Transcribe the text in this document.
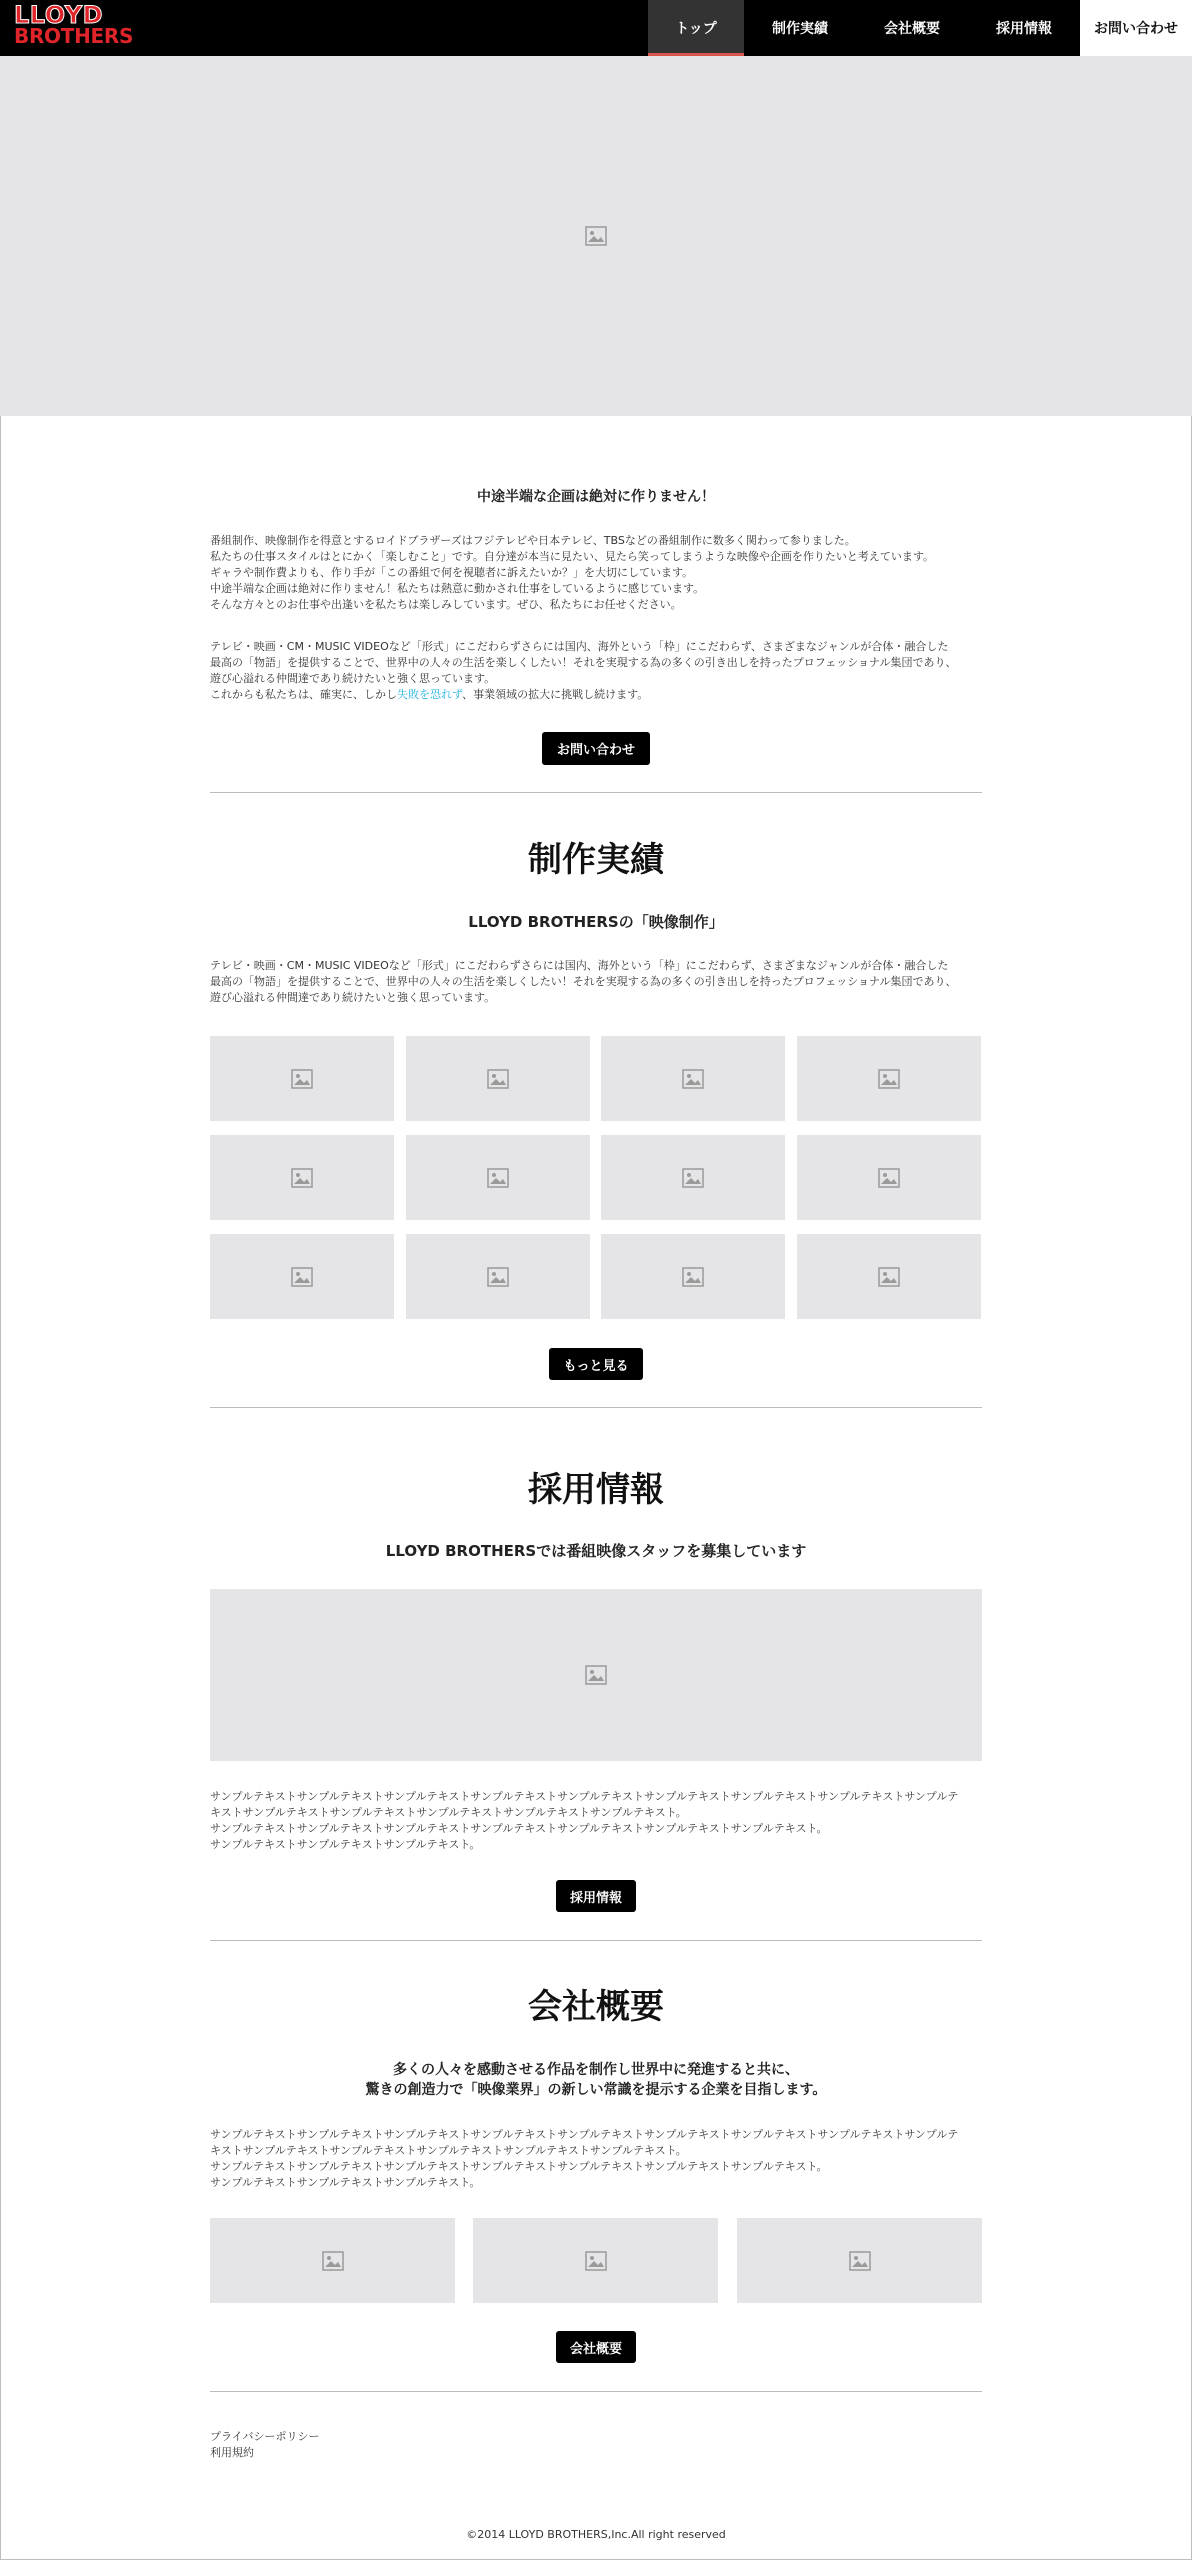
LLOYD
BROTHERS	トップ	制作実績	会社概要	採用情報	お問い合わせ
中途半端な企画は絶対に作りません！
番組制作、映像制作を得意とするロイドブラザーズはフジテレビや日本テレビ、TBSなどの番組制作に数多く関わって参りました。
私たちの仕事スタイルはとにかく「楽しむこと」です。自分達が本当に見たい、見たら笑ってしまうような映像や企画を作りたいと考えています。
ギャラや制作費よりも、作り手が「この番組で何を視聴者に訴えたいか？」を大切にしています。
中途半端な企画は絶対に作りません！私たちは熱意に動かされ仕事をしているように感じています。
そんな方々とのお仕事や出逢いを私たちは楽しみしています。ぜひ、私たちにお任せください。
テレビ・映画・CM・MUSIC VIDEOなど「形式」にこだわらずさらには国内、海外という「枠」にこだわらず、さまざまなジャンルが合体・融合した
最高の「物語」を提供することで、世界中の人々の生活を楽しくしたい！それを実現する為の多くの引き出しを持ったプロフェッショナル集団であり、
遊び心溢れる仲間達であり続けたいと強く思っています。
これからも私たちは、確実に、しかし失敗を恐れず、事業領域の拡大に挑戦し続けます。
お問い合わせ
制作実績
LLOYD BROTHERSの「映像制作」
テレビ・映画・CM・MUSIC VIDEOなど「形式」にこだわらずさらには国内、海外という「枠」にこだわらず、さまざまなジャンルが合体・融合した
最高の「物語」を提供することで、世界中の人々の生活を楽しくしたい！それを実現する為の多くの引き出しを持ったプロフェッショナル集団であり、
遊び心溢れる仲間達であり続けたいと強く思っています。
もっと見る
採用情報
LLOYD BROTHERSでは番組映像スタッフを募集しています
サンプルテキストサンプルテキストサンプルテキストサンプルテキストサンプルテキストサンプルテキストサンプルテキストサンプルテキストサンプルテ
キストサンプルテキストサンプルテキストサンプルテキストサンプルテキストサンプルテキスト。
サンプルテキストサンプルテキストサンプルテキストサンプルテキストサンプルテキストサンプルテキストサンプルテキスト。
サンプルテキストサンプルテキストサンプルテキスト。
採用情報
会社概要
多くの人々を感動させる作品を制作し世界中に発進すると共に、
驚きの創造力で「映像業界」の新しい常識を提示する企業を目指します。
サンプルテキストサンプルテキストサンプルテキストサンプルテキストサンプルテキストサンプルテキストサンプルテキストサンプルテキストサンプルテ
キストサンプルテキストサンプルテキストサンプルテキストサンプルテキストサンプルテキスト。
サンプルテキストサンプルテキストサンプルテキストサンプルテキストサンプルテキストサンプルテキストサンプルテキスト。
サンプルテキストサンプルテキストサンプルテキスト。
会社概要
プライバシーポリシー
利用規約
©2014 LLOYD BROTHERS,Inc.All right reserved
